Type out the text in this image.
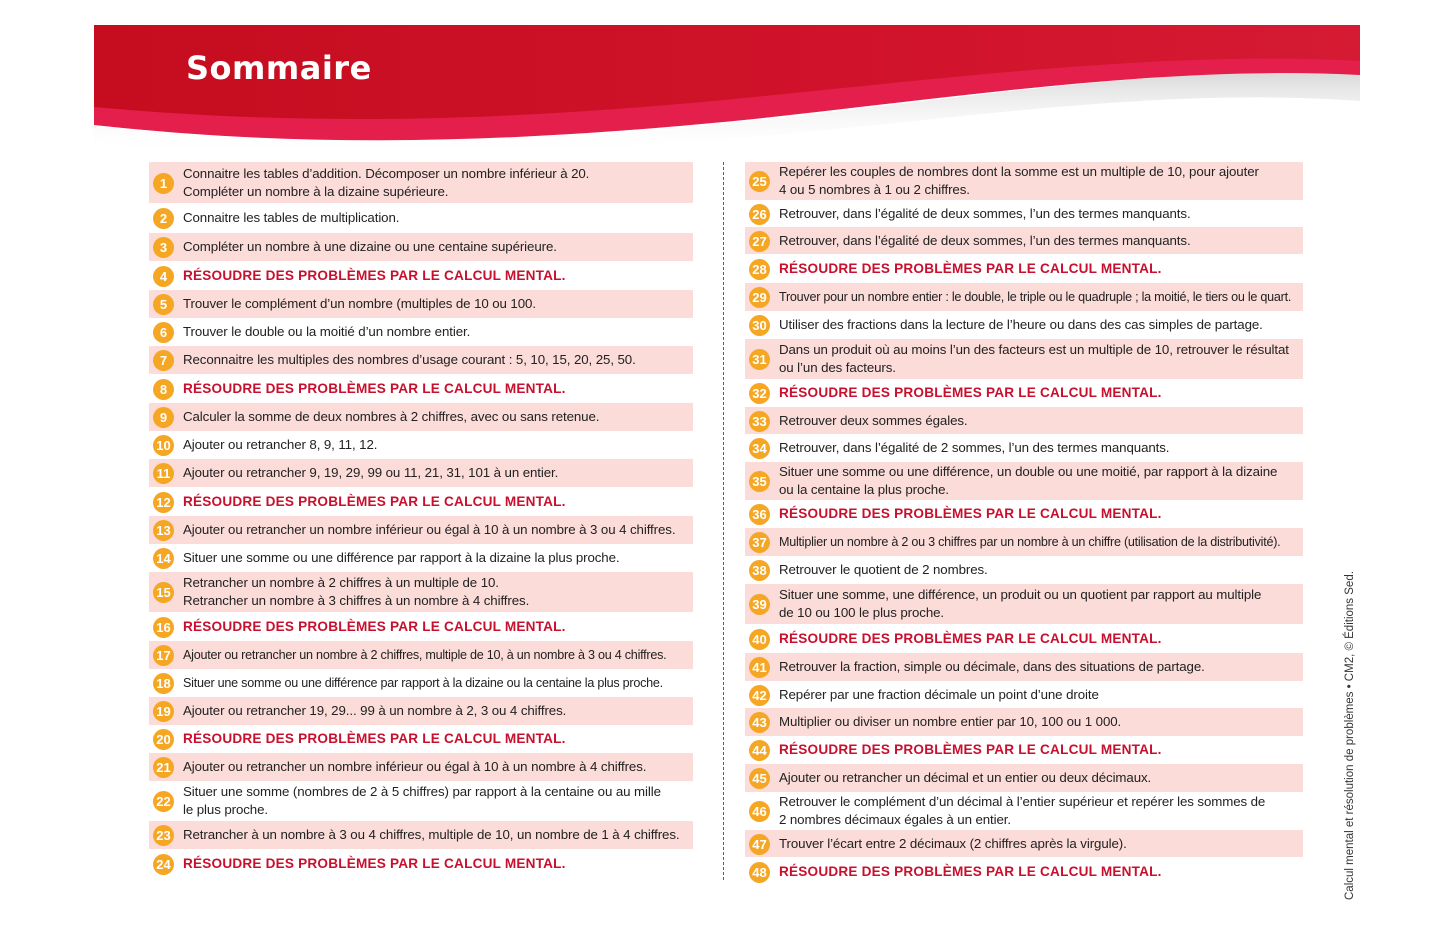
Sommaire
1
Connaitre les tables d’addition. Décomposer un nombre inférieur à 20.
Compléter un nombre à la dizaine supérieure.
2	Connaitre les tables de multiplication.
3	Compléter un nombre à une dizaine ou une centaine supérieure.
4	RÉSOUDRE DES PROBLÈMES PAR LE CALCUL MENTAL.
5	Trouver le complément d’un nombre (multiples de 10 ou 100.
6	Trouver le double ou la moitié d’un nombre entier.
7	Reconnaitre les multiples des nombres d’usage courant : 5, 10, 15, 20, 25, 50.
8	RÉSOUDRE DES PROBLÈMES PAR LE CALCUL MENTAL.
9	Calculer la somme de deux nombres à 2 chiffres, avec ou sans retenue.
10 Ajouter ou retrancher 8, 9, 11, 12.
11 Ajouter ou retrancher 9, 19, 29, 99 ou 11, 21, 31, 101 à un entier.
12 RÉSOUDRE DES PROBLÈMES PAR LE CALCUL MENTAL.
13 Ajouter ou retrancher un nombre inférieur ou égal à 10 à un nombre à 3 ou 4 chiffres.
14 Situer une somme ou une différence par rapport à la dizaine la plus proche.
15
Retrancher un nombre à 2 chiffres à un multiple de 10.
Retrancher un nombre à 3 chiffres à un nombre à 4 chiffres.
16 RÉSOUDRE DES PROBLÈMES PAR LE CALCUL MENTAL.
17 Ajouter ou retrancher un nombre à 2 chiffres, multiple de 10, à un nombre à 3 ou 4 chiffres.
18 Situer une somme ou une différence par rapport à la dizaine ou la centaine la plus proche.
19 Ajouter ou retrancher 19, 29... 99 à un nombre à 2, 3 ou 4 chiffres.
20 RÉSOUDRE DES PROBLÈMES PAR LE CALCUL MENTAL.
21 Ajouter ou retrancher un nombre inférieur ou égal à 10 à un nombre à 4 chiffres.
22
Situer une somme (nombres de 2 à 5 chiffres) par rapport à la centaine ou au mille
le plus proche.
23 Retrancher à un nombre à 3 ou 4 chiffres, multiple de 10, un nombre de 1 à 4 chiffres.
24 RÉSOUDRE DES PROBLÈMES PAR LE CALCUL MENTAL.
25
Repérer les couples de nombres dont la somme est un multiple de 10, pour ajouter
4 ou 5 nombres à 1 ou 2 chiffres.
26 Retrouver, dans l’égalité de deux sommes, l’un des termes manquants.
27 Retrouver, dans l’égalité de deux sommes, l’un des termes manquants.
28 RÉSOUDRE DES PROBLÈMES PAR LE CALCUL MENTAL.
29 Trouver pour un nombre entier : le double, le triple ou le quadruple ; la moitié, le tiers ou le quart.
30 Utiliser des fractions dans la lecture de l’heure ou dans des cas simples de partage.
31
Dans un produit où au moins l’un des facteurs est un multiple de 10, retrouver le résultat
ou l’un des facteurs.
32 RÉSOUDRE DES PROBLÈMES PAR LE CALCUL MENTAL.
33 Retrouver deux sommes égales.
34 Retrouver, dans l’égalité de 2 sommes, l’un des termes manquants.
35
Situer une somme ou une différence, un double ou une moitié, par rapport à la dizaine
ou la centaine la plus proche.
36 RÉSOUDRE DES PROBLÈMES PAR LE CALCUL MENTAL.
37 Multiplier un nombre à 2 ou 3 chiffres par un nombre à un chiffre (utilisation de la distributivité).
38 Retrouver le quotient de 2 nombres.
39
Situer une somme, une différence, un produit ou un quotient par rapport au multiple
de 10 ou 100 le plus proche.
40 RÉSOUDRE DES PROBLÈMES PAR LE CALCUL MENTAL.
41 Retrouver la fraction, simple ou décimale, dans des situations de partage.
42 Repérer par une fraction décimale un point d’une droite
43 Multiplier ou diviser un nombre entier par 10, 100 ou 1 000.
44 RÉSOUDRE DES PROBLÈMES PAR LE CALCUL MENTAL.
45 Ajouter ou retrancher un décimal et un entier ou deux décimaux.
46
Retrouver le complément d’un décimal à l’entier supérieur et repérer les sommes de
2 nombres décimaux égales à un entier.
47 Trouver l’écart entre 2 décimaux (2 chiffres après la virgule).
48 RÉSOUDRE DES PROBLÈMES PAR LE CALCUL MENTAL.	Calcul mental et résolution de problèmes • CM2, © Éditions Sed.
